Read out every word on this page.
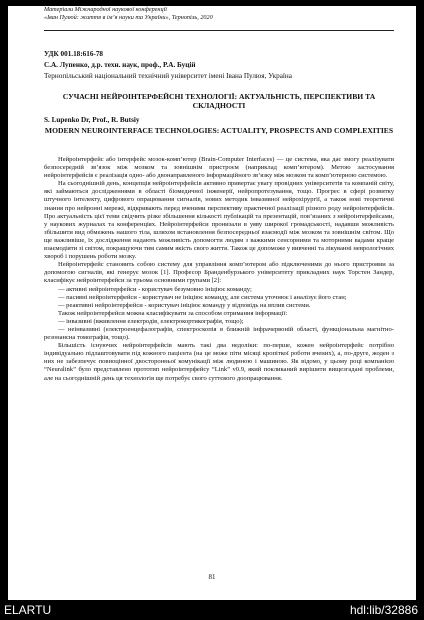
Матеріали Міжнародної наукової конференції
«Іван Пулюй: життя в ім’я науки та України», Тернопіль, 2020
УДК 001.18:616-78
С.А. Лупенко, д.р. техн. наук, проф., Р.А. Буцій
Тернопільський національний технічний університет імені Івана Пулюя, Україна
СУЧАСНІ НЕЙРОІНТЕРФЕЙСНІ ТЕХНОЛОГІЇ: АКТУАЛЬНІСТЬ, ПЕРСПЕКТИВИ ТА СКЛАДНОСТІ
S. Lupenko Dr, Prof., R. Butsiy
MODERN NEUROINTERFACE TECHNOLOGIES: ACTUALITY, PROSPECTS AND COMPLEXITIES

Нейроінтерфейс або інтерфейс мозок-комп’ютер (Brain-Computer Interfaces) — це система, яка дає змогу реалізувати безпосередній зв’язок між мозком та зовнішнім пристроєм (наприклад комп’ютером). Метою застосування нейроінтерфейсів є реалізація одно- або двонаправленого інформаційного зв’язку між мозком та комп’ютерною системою.

На сьогоднішній день, концепція нейроінтерфейсів активно привертає увагу провідних університетів та компаній світу, які займаються дослідженнями в області біомедичної інженерії, нейропротезування, тощо. Прогрес в сфері розвитку штучного інтелекту, цифрового опрацювання сигналів, нових методик інвазивної нейрохірургії, а також нові теоретичні знання про нейронні мережі, відкривають перед вченими перспективу практичної реалізації різного роду нейроінтерфейсів. Про актуальність цієї теми свідчить різке збільшення кількості публікацій та презентацій, пов’язаних з нейроінтерфейсами, у наукових журналах та конференціях. Нейроінтерфейси пронизали в уяву широкої громадськості, надавши можливість збільшити вид обмежень нашого тіла, шляхом встановлення безпосередньої взаємодії між мозком та зовнішнім світом. Що ще важливіше, їх дослідження надають можливість допомогти людям з важкими сенсорними та моторними вадами краще взаємодіяти зі світом, покращуючи тим самим якість свого життя. Також це допоможе у вивченні та лікуванні неврологічних хвороб і порушень роботи мозку.

Нейроінтерфейс становить собою систему для управління комп’ютером або підключеними до нього пристроями за допомогою сигналів, які генерує мозок [1]. Професор Бранденбурзького університету прикладних наук Торстен Зандер, класифікує нейроінтерфейси за трьома основними групами [2]:

— активні нейроінтерфейси - користувач безумовно ініціює команду;

— пасивні нейроінтерфейси - користувач не ініціює команду, але система уточнює і аналізує його стан;

— реактивні нейроінтерфейси - користувач ініціює команду у відповідь на вплив системи.

Також нейроінтерфейси можна класифікувати за способом отримання інформації:

— інвазивні (вживлення електродів, електрокортикографія, тощо);

— неінвазивні (електроенцефалографія, спектроскопія в ближній інфрачервоній області, функціональна магнітно-резонансна томографія, тощо).

Більшість існуючих нейроінтерфейсів мають такі два недоліки: по-перше, кожен нейроінтерфейс потрібно індивідуально підлаштовувати під кожного пацієнта (на це може піти місяці кропіткої роботи вчених), а, по-друге, жоден з них не забезпечує повноцінної двосторонньої комунікації між людиною і машиною. Як відомо, у цьому році компанією “Neuralink” було представлено прототип нейроінтерфейсу “Link” v0.9, який покликаний вирішити вищезгадані проблеми, але на сьогоднішній день ця технологія ще потребує свого суттєвого доопрацювання.

81
ELARTU	hdl:lib/32886
